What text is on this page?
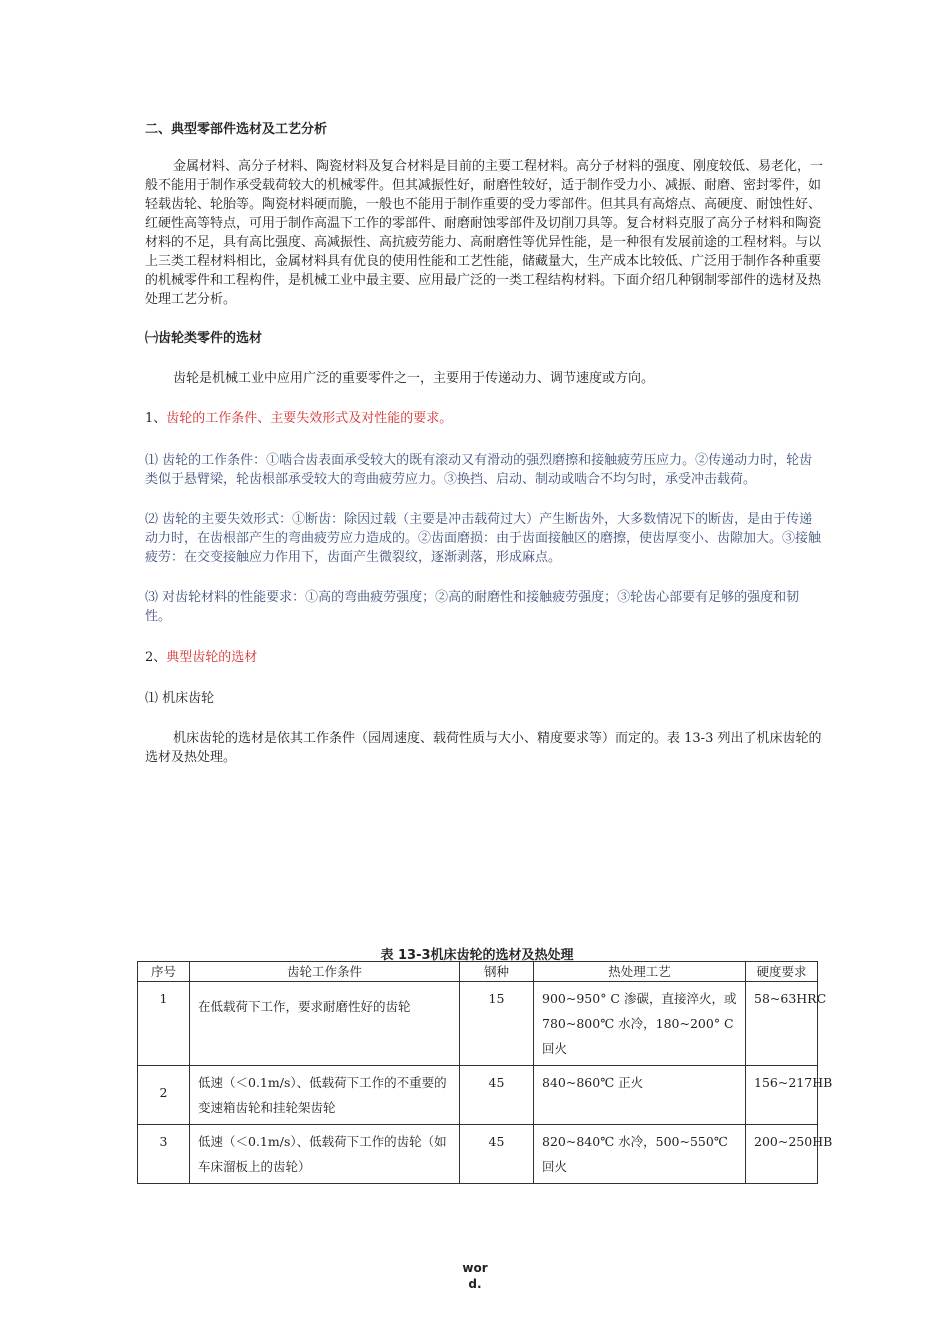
二、典型零部件选材及工艺分析

金属材料、高分子材料、陶瓷材料及复合材料是目前的主要工程材料。高分子材料的强度、刚度较低、易老化，一般不能用于制作承受载荷较大的机械零件。但其减振性好，耐磨性较好，适于制作受力小、减振、耐磨、密封零件，如轻载齿轮、轮胎等。陶瓷材料硬而脆，一般也不能用于制作重要的受力零部件。但其具有高熔点、高硬度、耐蚀性好、红硬性高等特点，可用于制作高温下工作的零部件、耐磨耐蚀零部件及切削刀具等。复合材料克服了高分子材料和陶瓷材料的不足，具有高比强度、高减振性、高抗疲劳能力、高耐磨性等优异性能，是一种很有发展前途的工程材料。与以上三类工程材料相比，金属材料具有优良的使用性能和工艺性能，储藏量大，生产成本比较低、广泛用于制作各种重要的机械零件和工程构件，是机械工业中最主要、应用最广泛的一类工程结构材料。下面介绍几种钢制零部件的选材及热处理工艺分析。

㈠齿轮类零件的选材

齿轮是机械工业中应用广泛的重要零件之一，主要用于传递动力、调节速度或方向。

1、齿轮的工作条件、主要失效形式及对性能的要求。

⑴ 齿轮的工作条件：①啮合齿表面承受较大的既有滚动又有滑动的强烈磨擦和接触疲劳压应力。②传递动力时，轮齿类似于悬臂梁，轮齿根部承受较大的弯曲疲劳应力。③换挡、启动、制动或啮合不均匀时，承受冲击载荷。

⑵ 齿轮的主要失效形式：①断齿：除因过载（主要是冲击载荷过大）产生断齿外，大多数情况下的断齿，是由于传递动力时，在齿根部产生的弯曲疲劳应力造成的。②齿面磨损：由于齿面接触区的磨擦，使齿厚变小、齿隙加大。③接触疲劳：在交变接触应力作用下，齿面产生微裂纹，逐渐剥落，形成麻点。

⑶ 对齿轮材料的性能要求：①高的弯曲疲劳强度；②高的耐磨性和接触疲劳强度；③轮齿心部要有足够的强度和韧性。

2、典型齿轮的选材

⑴ 机床齿轮

机床齿轮的选材是依其工作条件（园周速度、载荷性质与大小、精度要求等）而定的。表 13-3 列出了机床齿轮的选材及热处理。

表 13-3机床齿轮的选材及热处理
序号	齿轮工作条件	钢种	热处理工艺	硬度要求
1	在低载荷下工作，要求耐磨性好的齿轮	15	900~950° C 渗碳，直接淬火，或 780~800℃ 水冷，180~200° C 回火	58~63HRC
2	低速（＜0.1m/s）、低载荷下工作的不重要的变速箱齿轮和挂轮架齿轮	45	840~860℃ 正火	156~217HB
3	低速（＜0.1m/s）、低载荷下工作的齿轮（如车床溜板上的齿轮）	45	820~840℃ 水冷，500~550℃ 回火	200~250HB
wor
d.
